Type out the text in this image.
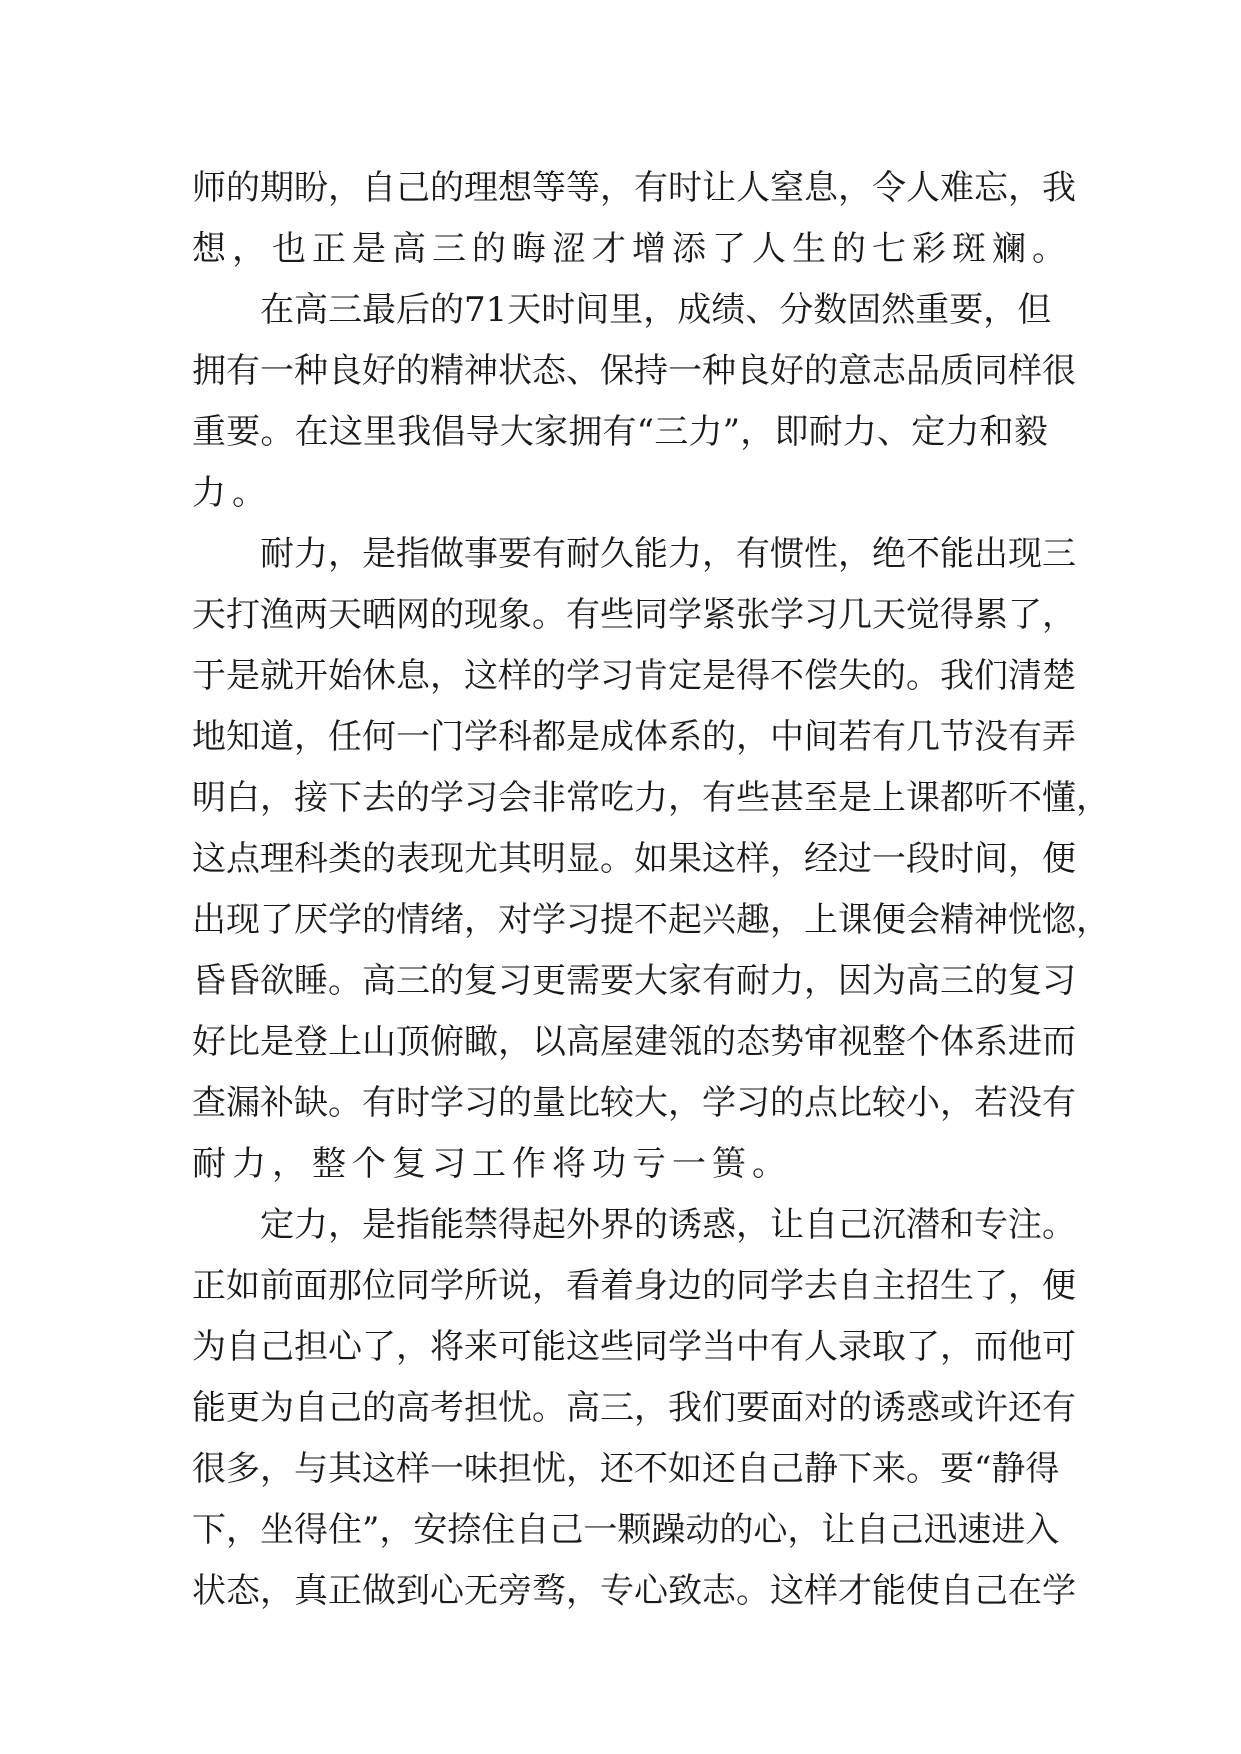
师 的 期 盼 ， 自 己 的 理 想 等 等 ， 有 时 让 人 窒 息 ， 令 人 难 忘 ， 我
想，也正是高三的晦涩才增添了人生的七彩斑斓。
在 高 三 最 后 的 71 天 时 间 里 ， 成 绩 、 分 数 固 然 重 要 ， 但
拥 有 一 种 良 好 的 精 神 状 态 、 保 持 一 种 良 好 的 意 志 品 质 同 样 很
重 要 。 在 这 里 我 倡 导 大 家 拥 有 “ 三 力 ” ， 即 耐 力 、 定 力 和 毅
力。
耐 力 ， 是 指 做 事 要 有 耐 久 能 力 ， 有 惯 性 ， 绝 不 能 出 现 三
天 打 渔 两 天 晒 网 的 现 象 。 有 些 同 学 紧 张 学 习 几 天 觉 得 累 了 ，
于 是 就 开 始 休 息 ， 这 样 的 学 习 肯 定 是 得 不 偿 失 的 。 我 们 清 楚
地 知 道 ， 任 何 一 门 学 科 都 是 成 体 系 的 ， 中 间 若 有 几 节 没 有 弄
明 白 ， 接 下 去 的 学 习 会 非 常 吃 力 ， 有 些 甚 至 是 上 课 都 听 不 懂 ，
这 点 理 科 类 的 表 现 尤 其 明 显 。 如 果 这 样 ， 经 过 一 段 时 间 ， 便
出 现 了 厌 学 的 情 绪 ， 对 学 习 提 不 起 兴 趣 ， 上 课 便 会 精 神 恍 惚 ，
昏 昏 欲 睡 。 高 三 的 复 习 更 需 要 大 家 有 耐 力 ， 因 为 高 三 的 复 习
好 比 是 登 上 山 顶 俯 瞰 ， 以 高 屋 建 瓴 的 态 势 审 视 整 个 体 系 进 而
查 漏 补 缺 。 有 时 学 习 的 量 比 较 大 ， 学 习 的 点 比 较 小 ， 若 没 有
耐力，整个复习工作将功亏一篑。
定 力 ， 是 指 能 禁 得 起 外 界 的 诱 惑 ， 让 自 己 沉 潜 和 专 注 。
正 如 前 面 那 位 同 学 所 说 ， 看 着 身 边 的 同 学 去 自 主 招 生 了 ， 便
为 自 己 担 心 了 ， 将 来 可 能 这 些 同 学 当 中 有 人 录 取 了 ， 而 他 可
能 更 为 自 己 的 高 考 担 忧 。 高 三 ， 我 们 要 面 对 的 诱 惑 或 许 还 有
很 多 ， 与 其 这 样 一 味 担 忧 ， 还 不 如 还 自 己 静 下 来 。 要 “ 静 得
下 ， 坐 得 住 ” ， 安 捺 住 自 己 一 颗 躁 动 的 心 ， 让 自 己 迅 速 进 入
状 态 ， 真 正 做 到 心 无 旁 骛 ， 专 心 致 志 。 这 样 才 能 使 自 己 在 学
